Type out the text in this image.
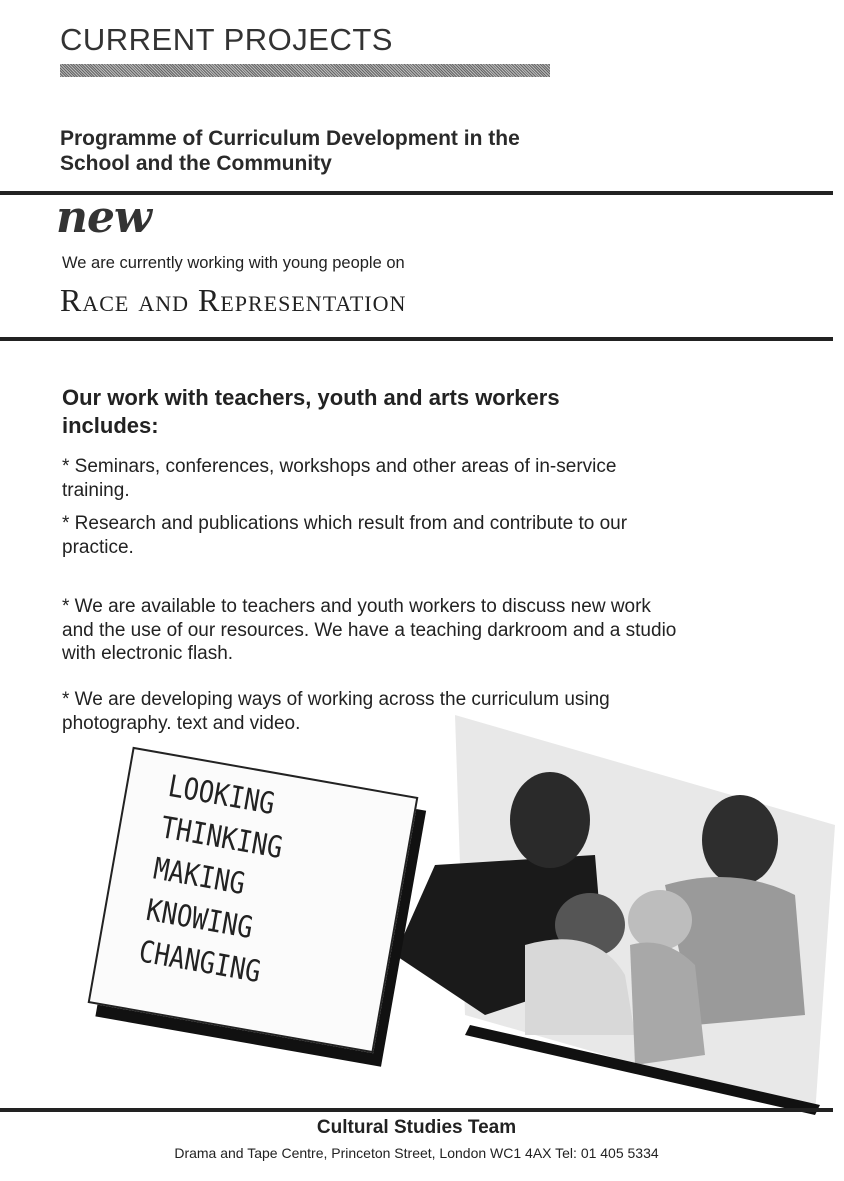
CURRENT PROJECTS
Programme of Curriculum Development in the
School and the Community
new
We are currently working with young people on
Race and Representation
Our work with teachers, youth and arts workers
includes:
* Seminars, conferences, workshops and other areas of in-service training.
* Research and publications which result from and contribute to our practice.
* We are available to teachers and youth workers to discuss new work and the use of our resources. We have a teaching darkroom and a studio with electronic flash.
* We are developing ways of working across the curriculum using photography. text and video.
LOOKING
THINKING
MAKING
KNOWING
CHANGING
Cultural Studies Team
Drama and Tape Centre, Princeton Street, London WC1 4AX Tel: 01 405 5334
